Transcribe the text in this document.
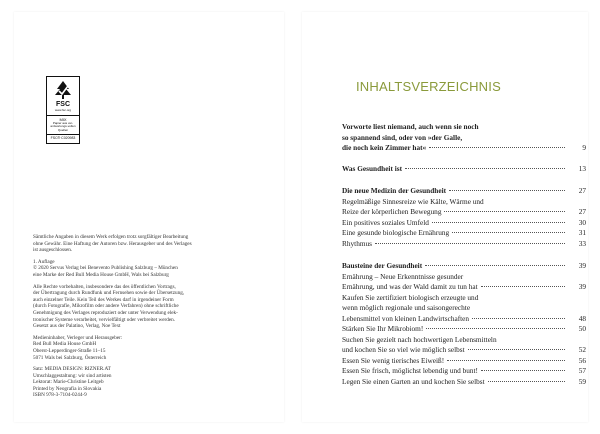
FSC
www.fsc.org
MIX
Papier aus ver-antwortungs-vollen Quellen
FSC® C020983
Sämtliche Angaben in diesem Werk erfolgen trotz sorgfältiger Bearbeitung
ohne Gewähr. Eine Haftung der Autoren bzw. Herausgeber und des Verlages
ist ausgeschlossen.
1. Auflage
© 2020 Servus Verlag bei Benevento Publishing Salzburg – München
eine Marke der Red Bull Media House GmbH, Wals bei Salzburg
Alle Rechte vorbehalten, insbesondere das des öffentlichen Vortrags,
der Übertragung durch Rundfunk und Fernsehen sowie der Übersetzung,
auch einzelner Teile. Kein Teil des Werkes darf in irgendeiner Form
(durch Fotografie, Mikrofilm oder andere Verfahren) ohne schriftliche
Genehmigung des Verlages reproduziert oder unter Verwendung elek-
tronischer Systeme verarbeitet, vervielfältigt oder verbreitet werden.
Gesetzt aus der Palatino, Verlag, Noe Text
Medieninhaber, Verleger und Herausgeber:
Red Bull Media House GmbH
Oberst-Lepperdinger-Straße 11–15
5071 Wals bei Salzburg, Österreich
Satz: MEDIA DESIGN: RIZNER.AT
Umschlaggestaltung: wir sind artisten
Lektorat: Marie-Christine Leitgeb
Printed by Neografia in Slovakia
ISBN 978-3-7104-0244-9
INHALTSVERZEICHNIS
Vorworte liest niemand, auch wenn sie noch
so spannend sind, oder von »der Galle,
die noch kein Zimmer hat«	9
Was Gesundheit ist	13
Die neue Medizin der Gesundheit	27
Regelmäßige Sinnesreize wie Kälte, Wärme und
Reize der körperlichen Bewegung	27
Ein positives soziales Umfeld	30
Eine gesunde biologische Ernährung	31
Rhythmus	33
Bausteine der Gesundheit	39
Ernährung – Neue Erkenntnisse gesunder
Ernährung, und was der Wald damit zu tun hat	39
Kaufen Sie zertifiziert biologisch erzeugte und
wenn möglich regionale und saisongerechte
Lebensmittel von kleinen Landwirtschaften	48
Stärken Sie Ihr Mikrobiom!	50
Suchen Sie gezielt nach hochwertigen Lebensmitteln
und kochen Sie so viel wie möglich selbst	52
Essen Sie wenig tierisches Eiweiß!	56
Essen Sie frisch, möglichst lebendig und bunt!	57
Legen Sie einen Garten an und kochen Sie selbst	59
